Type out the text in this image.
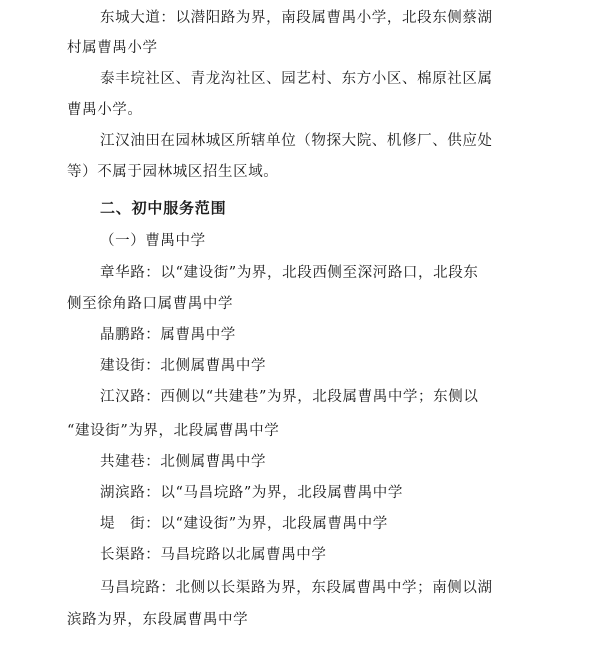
东城大道：以潜阳路为界，南段属曹禺小学，北段东侧蔡湖
村属曹禺小学
泰丰垸社区、青龙沟社区、园艺村、东方小区、棉原社区属
曹禺小学。
江汉油田在园林城区所辖单位（物探大院、机修厂、供应处
等）不属于园林城区招生区域。
二、初中服务范围
（一）曹禺中学
章华路：以“建设街”为界，北段西侧至深河路口，北段东
侧至徐角路口属曹禺中学
晶鹏路：属曹禺中学
建设街：北侧属曹禺中学
江汉路：西侧以“共建巷”为界，北段属曹禺中学；东侧以
“建设街”为界，北段属曹禺中学
共建巷：北侧属曹禺中学
湖滨路：以“马昌垸路”为界，北段属曹禺中学
堤　街：以“建设街”为界，北段属曹禺中学
长渠路：马昌垸路以北属曹禺中学
马昌垸路：北侧以长渠路为界，东段属曹禺中学；南侧以湖
滨路为界，东段属曹禺中学
